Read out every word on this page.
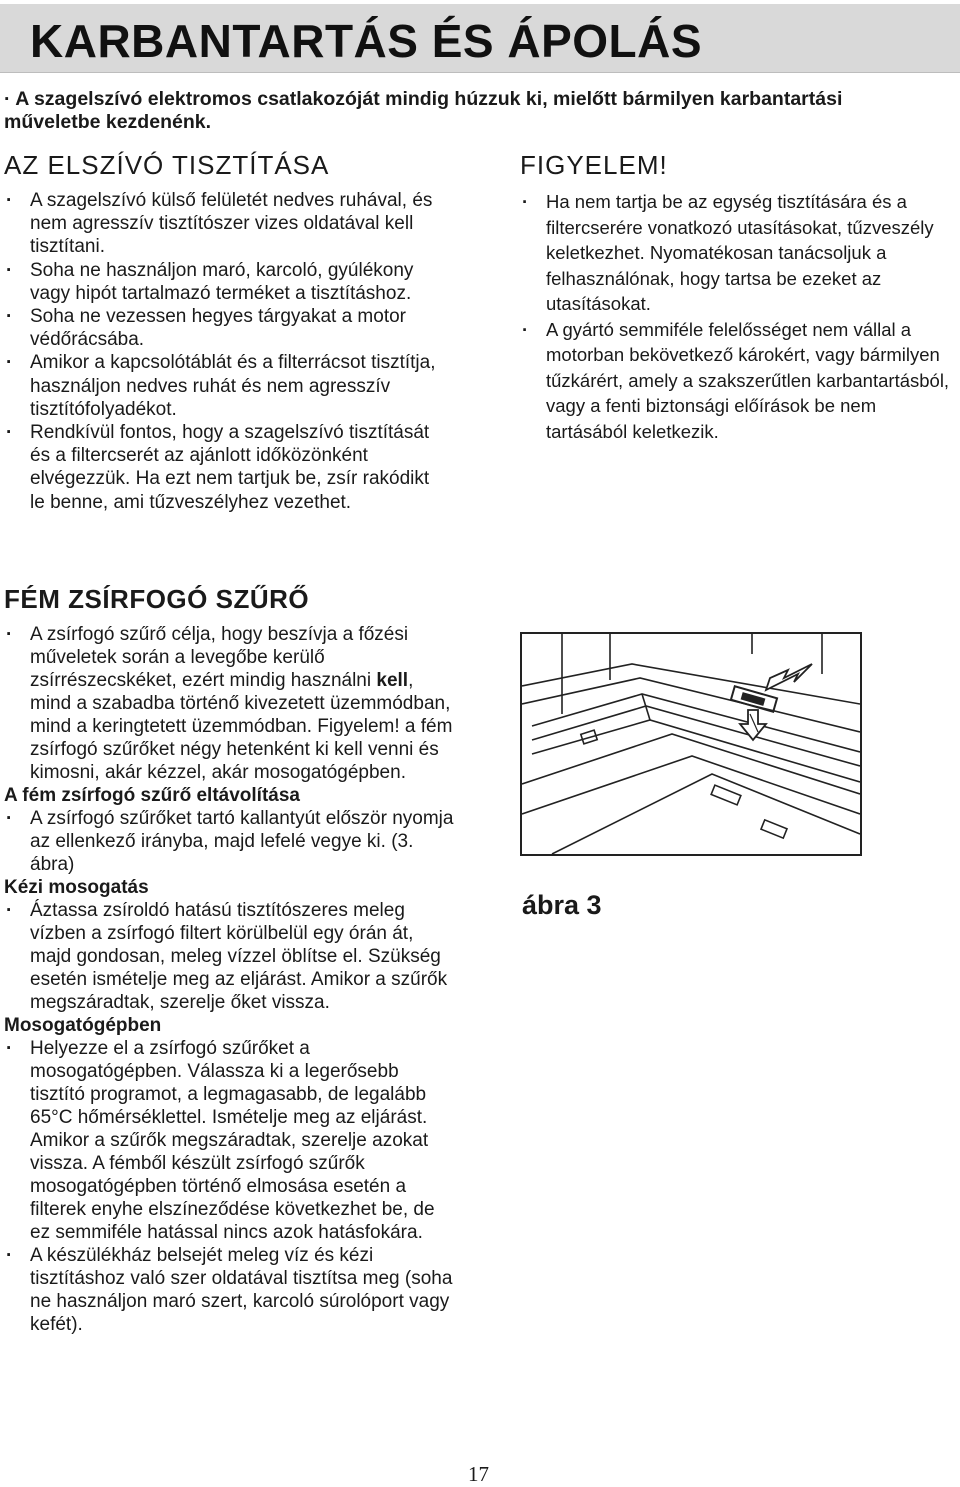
KARBANTARTÁS ÉS ÁPOLÁS
· A szagelszívó elektromos csatlakozóját mindig húzzuk ki, mielőtt bármilyen karbantartási műveletbe kezdenénk.
AZ ELSZÍVÓ TISZTÍTÁSA
· A szagelszívó külső felületét nedves ruhával, és nem agresszív tisztítószer vizes oldatával kell tisztítani.
· Soha ne használjon maró, karcoló, gyúlékony vagy hipót tartalmazó terméket a tisztításhoz.
· Soha ne vezessen hegyes tárgyakat a motor védőrácsába.
· Amikor a kapcsolótáblát és a filterrácsot tisztítja, használjon nedves ruhát és nem agresszív tisztítófolyadékot.
· Rendkívül fontos, hogy a szagelszívó tisztítását és a filtercserét az ajánlott időközönként elvégezzük. Ha ezt nem tartjuk be, zsír rakódikt le benne, ami tűzveszélyhez vezethet.
FIGYELEM!
· Ha nem tartja be az egység tisztítására és a filtercserére vonatkozó utasításokat, tűzveszély keletkezhet. Nyomatékosan tanácsoljuk a felhasználónak, hogy tartsa be ezeket az utasításokat.
· A gyártó semmiféle felelősséget nem vállal a motorban bekövetkező károkért, vagy bármilyen tűzkárért, amely a szakszerűtlen karbantartásból, vagy a fenti biztonsági előírások be nem tartásából keletkezik.
FÉM ZSÍRFOGÓ SZŰRŐ
· A zsírfogó szűrő célja, hogy beszívja a főzési műveletek során a levegőbe kerülő zsírrészecskéket, ezért mindig használni kell, mind a szabadba történő kivezetett üzemmódban, mind a keringtetett üzemmódban. Figyelem! a fém zsírfogó szűrőket négy hetenként ki kell venni és kimosni, akár kézzel, akár mosogatógépben.

A fém zsírfogó szűrő eltávolítása

· A zsírfogó szűrőket tartó kallantyút először nyomja az ellenkező irányba, majd lefelé vegye ki. (3. ábra)

Kézi mosogatás

· Áztassa zsíroldó hatású tisztítószeres meleg vízben a zsírfogó filtert körülbelül egy órán át, majd gondosan, meleg vízzel öblítse el. Szükség esetén ismételje meg az eljárást. Amikor a szűrők megszáradtak, szerelje őket vissza.

Mosogatógépben

· Helyezze el a zsírfogó szűrőket a mosogatógépben. Válassza ki a legerősebb tisztító programot, a legmagasabb, de legalább 65°C hőmérséklettel. Ismételje meg az eljárást. Amikor a szűrők megszáradtak, szerelje azokat vissza. A fémből készült zsírfogó szűrők mosogatógépben történő elmosása esetén a filterek enyhe elszíneződése következhet be, de ez semmiféle hatással nincs azok hatásfokára.
· A készülékház belsejét meleg víz és kézi tisztításhoz való szer oldatával tisztítsa meg (soha ne használjon maró szert, karcoló súrolóport vagy kefét).
ábra 3
17
